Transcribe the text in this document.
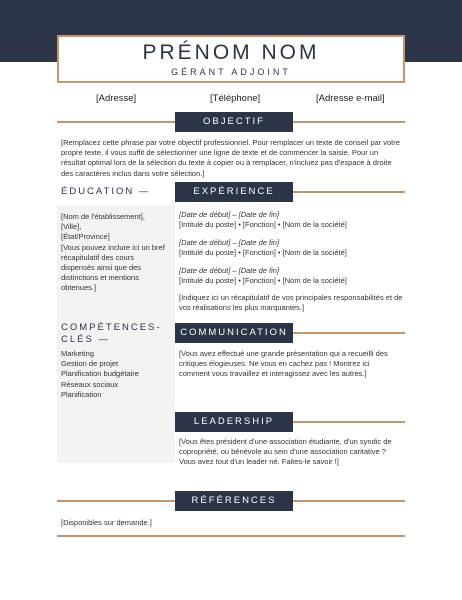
PRÉNOM NOM
GÉRANT ADJOINT
[Adresse]	[Téléphone]	[Adresse e-mail]
OBJECTIF
[Remplacez cette phrase par votre objectif professionnel. Pour remplacer un texte de conseil par votre propre texte, il vous suffit de sélectionner une ligne de texte et de commencer la saisie. Pour un résultat optimal lors de la sélection du texte à copier ou à remplacer, n'incluez pas d'espace à droite des caractères inclus dans votre sélection.]
ÉDUCATION —
[Nom de l'établissement],
[Ville],
[État/Province]
[Vous pouvez inclure ici un bref
récapitulatif des cours
dispensés ainsi que des
distinctions et mentions
obtenues.]
COMPÉTENCES-
CLÉS —
Marketing
Gestion de projet
Planification budgétaire
Réseaux sociaux
Planification
EXPÉRIENCE
[Date de début] – [Date de fin]
[Intitulé du poste] • [Fonction] • [Nom de la société]
[Date de début] – [Date de fin]
[Intitulé du poste] • [Fonction] • [Nom de la société]
[Date de début] – [Date de fin]
[Intitulé du poste] • [Fonction] • [Nom de la société]
[Indiquez ici un récapitulatif de vos principales responsabilités et de vos réalisations les plus marquantes.]
COMMUNICATION
[Vous avez effectué une grande présentation qui a recueilli des critiques élogieuses. Ne vous en cachez pas ! Montrez ici comment vous travaillez et interagissez avec les autres.]
LEADERSHIP
[Vous êtes président d'une association étudiante, d'un syndic de copropriété, ou bénévole au sein d'une association caritative ? Vous avez tout d'un leader né. Faites-le savoir !]
RÉFÉRENCES
[Disponibles sur demande.]
